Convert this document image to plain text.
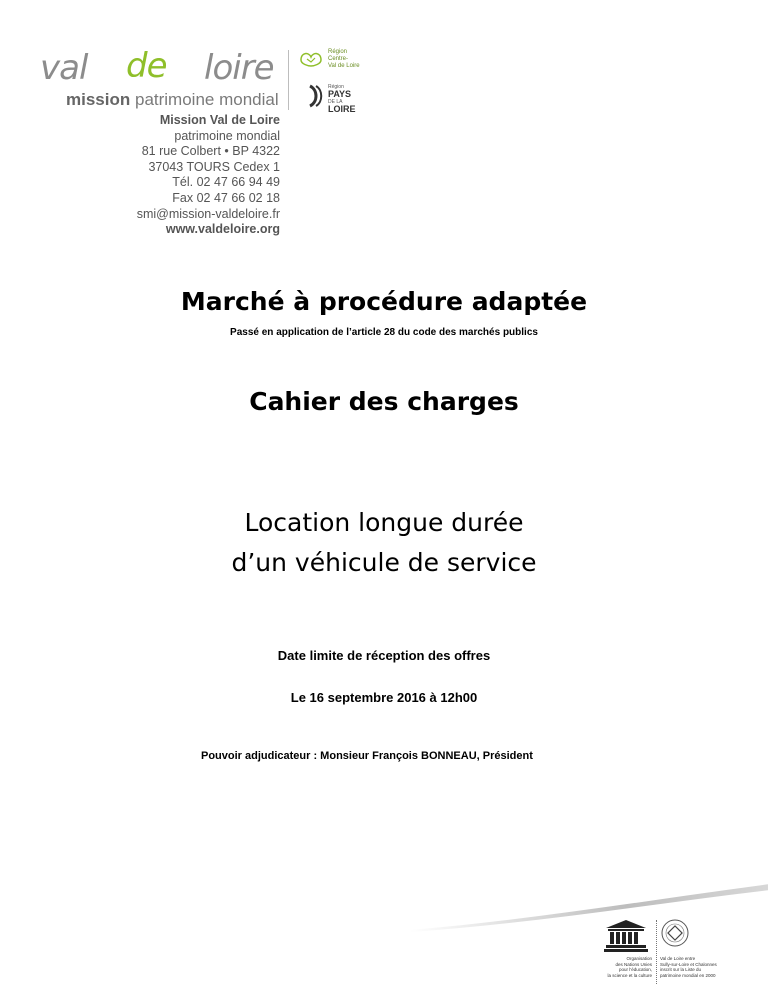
val de loire
mission patrimoine mondial
Région
Centre-
Val de Loire
Région
PAYS
DE LA
LOIRE
Mission Val de Loire
patrimoine mondial
81 rue Colbert • BP 4322
37043 TOURS Cedex 1
Tél. 02 47 66 94 49
Fax 02 47 66 02 18
smi@mission-valdeloire.fr
www.valdeloire.org
Marché à procédure adaptée
Passé en application de l’article 28 du code des marchés publics
Cahier des charges
Location longue durée
d’un véhicule de service
Date limite de réception des offres
Le 16 septembre 2016 à 12h00
Pouvoir adjudicateur : Monsieur François BONNEAU, Président
Organisation
des Nations Unies
pour l’éducation,
la science et la culture
Val de Loire entre
Sully-sur-Loire et Chalonnes
inscrit sur la Liste du
patrimoine mondial en 2000
